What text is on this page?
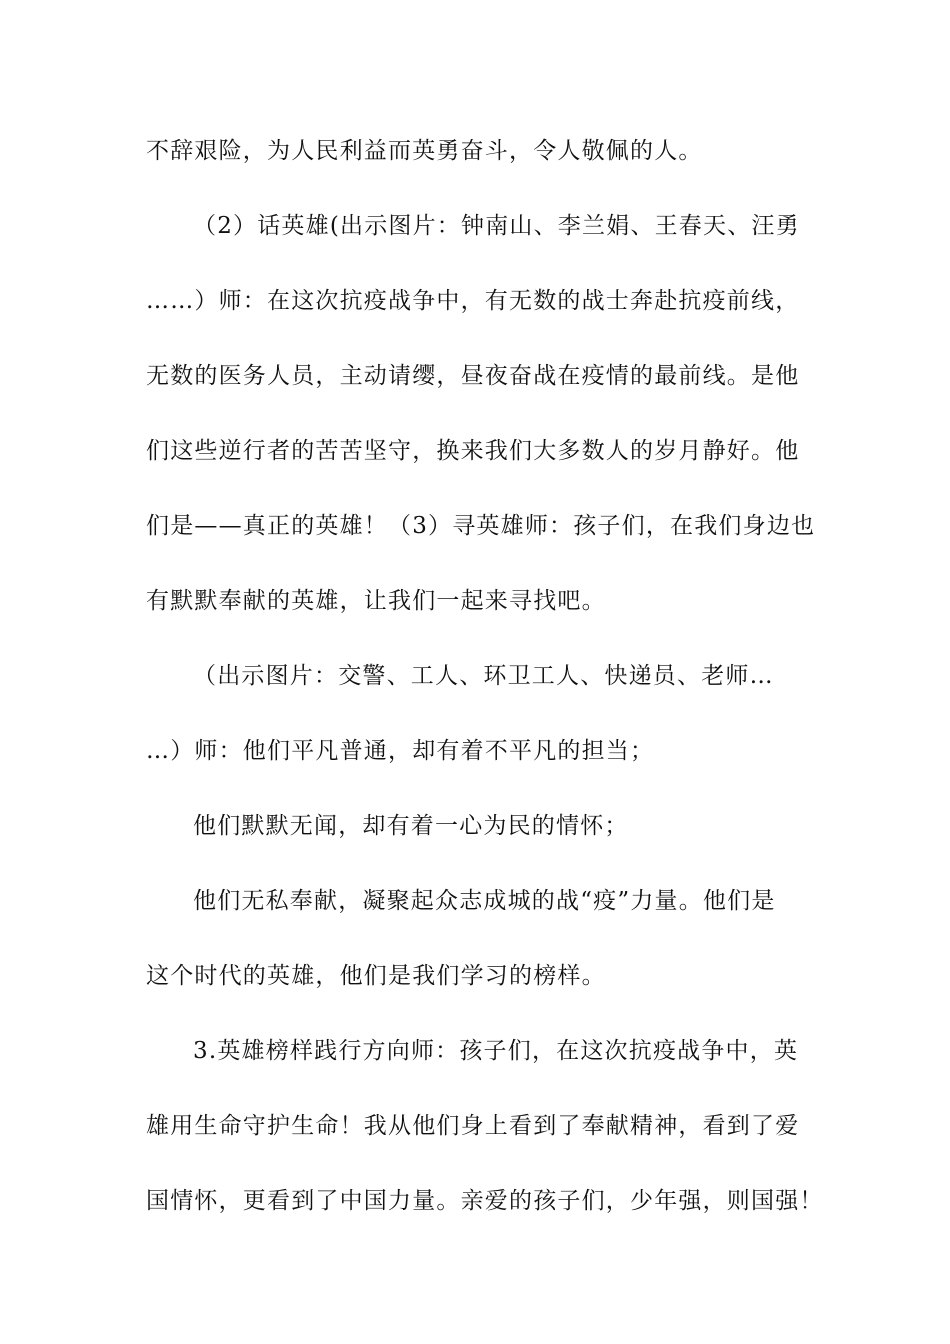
不辞艰险，为人民利益而英勇奋斗，令人敬佩的人。
（2）话英雄(出示图片：钟南山、李兰娟、王春天、汪勇
……）师：在这次抗疫战争中，有无数的战士奔赴抗疫前线，
无数的医务人员，主动请缨，昼夜奋战在疫情的最前线。是他
们这些逆行者的苦苦坚守，换来我们大多数人的岁月静好。他
们是——真正的英雄！（3）寻英雄师：孩子们，在我们身边也
有默默奉献的英雄，让我们一起来寻找吧。
（出示图片：交警、工人、环卫工人、快递员、老师…
…）师：他们平凡普通，却有着不平凡的担当；
他们默默无闻，却有着一心为民的情怀；
他们无私奉献，凝聚起众志成城的战“疫”力量。他们是
这个时代的英雄，他们是我们学习的榜样。
3.英雄榜样践行方向师：孩子们，在这次抗疫战争中，英
雄用生命守护生命！我从他们身上看到了奉献精神，看到了爱
国情怀，更看到了中国力量。亲爱的孩子们，少年强，则国强！
